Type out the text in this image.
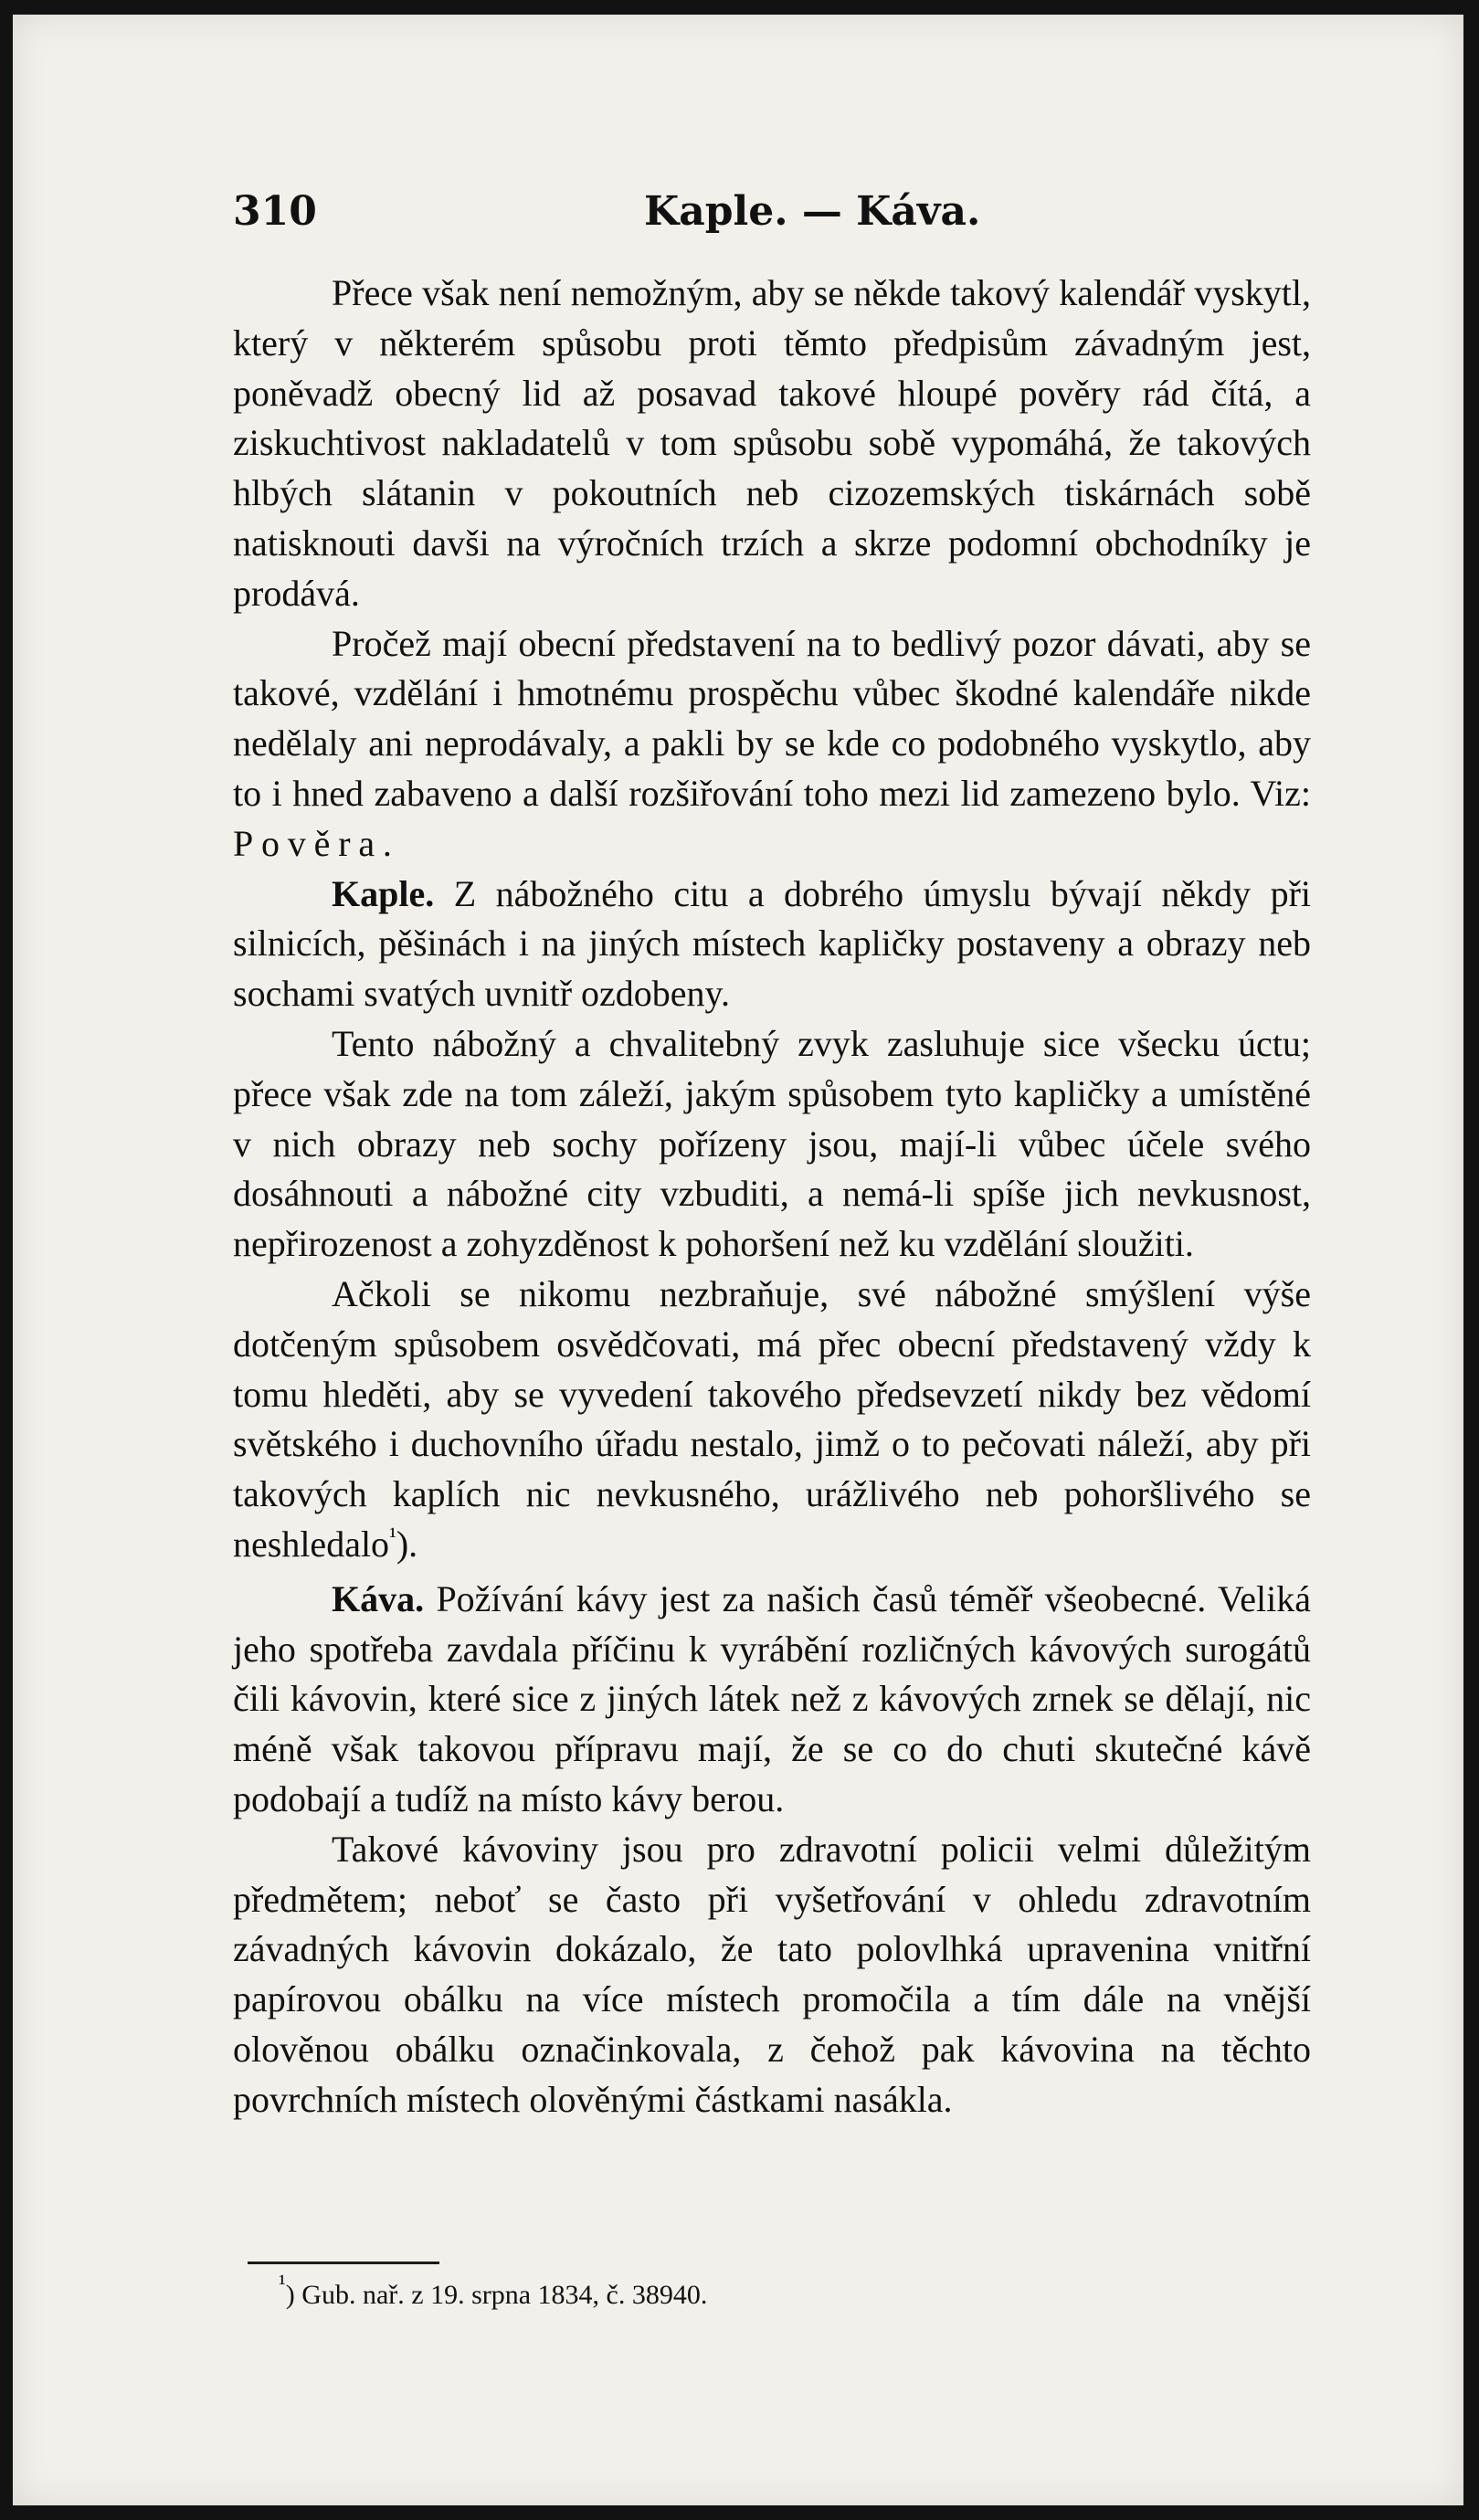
310	Kaple. — Káva.

Přece však není nemožným, aby se někde takový kalendář vyskytl, který v některém spůsobu proti těmto předpisům závadným jest, poněvadž obecný lid až posavad takové hloupé pověry rád čítá, a ziskuchtivost nakladatelů v tom spůsobu sobě vypomáhá, že takových hlbých slátanin v pokoutních neb cizozemských tiskárnách sobě natisknouti davši na výročních trzích a skrze podomní obchodníky je prodává.

Pročež mají obecní představení na to bedlivý pozor dávati, aby se takové, vzdělání i hmotnému prospěchu vůbec škodné kalendáře nikde nedělaly ani neprodávaly, a pakli by se kde co podobného vyskytlo, aby to i hned zabaveno a další rozšiřování toho mezi lid zamezeno bylo. Viz: Pověra.

Kaple. Z nábožného citu a dobrého úmyslu bývají někdy při silnicích, pěšinách i na jiných místech kapličky postaveny a obrazy neb sochami svatých uvnitř ozdobeny.

Tento nábožný a chvalitebný zvyk zasluhuje sice všecku úctu; přece však zde na tom záleží, jakým spůsobem tyto kapličky a umístěné v nich obrazy neb sochy pořízeny jsou, mají-li vůbec účele svého dosáhnouti a nábožné city vzbuditi, a nemá-li spíše jich nevkusnost, nepřirozenost a zohyzděnost k pohoršení než ku vzdělání sloužiti.

Ačkoli se nikomu nezbraňuje, své nábožné smýšlení výše dotčeným spůsobem osvědčovati, má přec obecní představený vždy k tomu hleděti, aby se vyvedení takového předsevzetí nikdy bez vědomí světského i duchovního úřadu nestalo, jimž o to pečovati náleží, aby při takových kaplích nic nevkusného, urážlivého neb pohoršlivého se neshledalo$^{^1}$).

Káva. Požívání kávy jest za našich časů téměř všeobecné. Veliká jeho spotřeba zavdala příčinu k vyrábění rozličných kávových surogátů čili kávovin, které sice z jiných látek než z kávových zrnek se dělají, nic méně však takovou přípravu mají, že se co do chuti skutečné kávě podobají a tudíž na místo kávy berou.

Takové kávoviny jsou pro zdravotní policii velmi důležitým předmětem; neboť se často při vyšetřování v ohledu zdravotním závadných kávovin dokázalo, že tato polovlhká upravenina vnitřní papírovou obálku na více místech promočila a tím dále na vnější olověnou obálku označinkovala, z čehož pak kávovina na těchto povrchních místech olověnými částkami nasákla.

¹) Gub. nař. z 19. srpna 1834, č. 38940.
